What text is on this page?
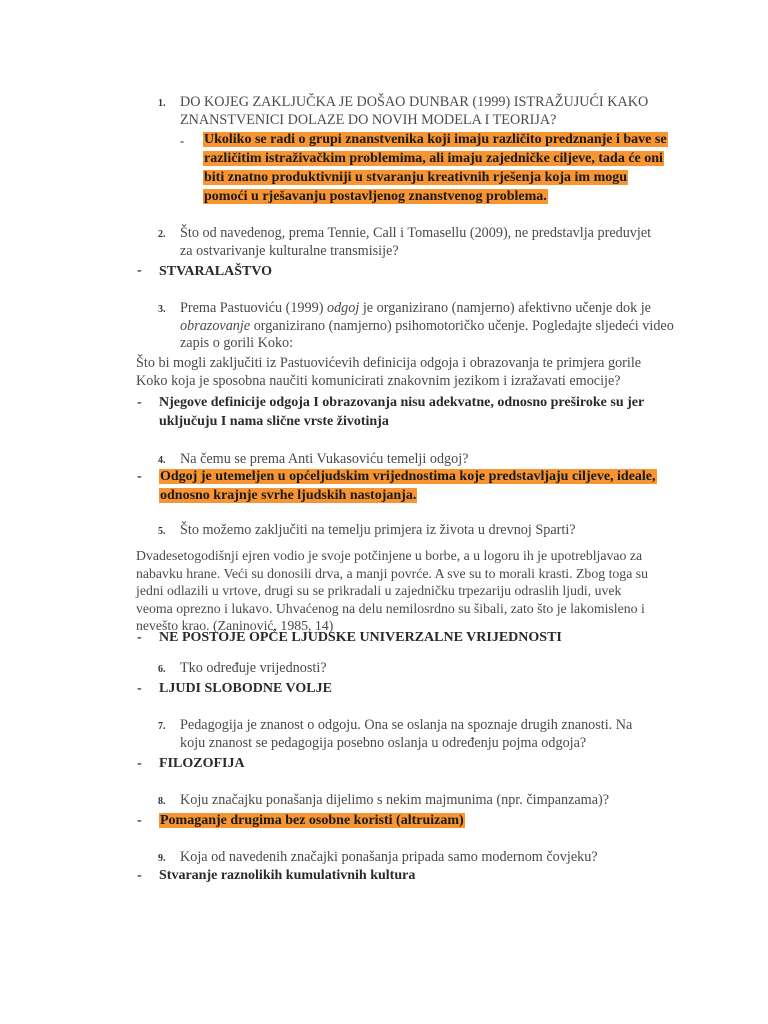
1. DO KOJEG ZAKLJUČKA JE DOŠAO DUNBAR (1999) ISTRAŽUJUĆI KAKO ZNANSTVENICI DOLAZE DO NOVIH MODELA I TEORIJA?
- Ukoliko se radi o grupi znanstvenika koji imaju različito predznanje i bave se različitim istraživačkim problemima, ali imaju zajedničke ciljeve, tada će oni biti znatno produktivniji u stvaranju kreativnih rješenja koja im mogu pomoći u rješavanju postavljenog znanstvenog problema.
2. Što od navedenog, prema Tennie, Call i Tomasellu (2009), ne predstavlja preduvjet za ostvarivanje kulturalne transmisije?
- STVARALAŠTVO
3. Prema Pastuoviću (1999) odgoj je organizirano (namjerno) afektivno učenje dok je obrazovanje organizirano (namjerno) psihomotoričko učenje. Pogledajte sljedeći video zapis o gorili Koko:
Što bi mogli zaključiti iz Pastuovićevih definicija odgoja i obrazovanja te primjera gorile Koko koja je sposobna naučiti komunicirati znakovnim jezikom i izražavati emocije?
- Njegove definicije odgoja I obrazovanja nisu adekvatne, odnosno preširoke su jer uključuju I nama slične vrste životinja
4. Na čemu se prema Anti Vukasoviću temelji odgoj?
- Odgoj je utemeljen u općeljudskim vrijednostima koje predstavljaju ciljeve, ideale, odnosno krajnje svrhe ljudskih nastojanja.
5. Što možemo zaključiti na temelju primjera iz života u drevnoj Sparti?
Dvadesetogodišnji ejren vodio je svoje potčinjene u borbe, a u logoru ih je upotrebljavao za nabavku hrane. Veći su donosili drva, a manji povrće. A sve su to morali krasti. Zbog toga su jedni odlazili u vrtove, drugi su se prikradali u zajedničku trpezariju odraslih ljudi, uvek veoma oprezno i lukavo. Uhvaćenog na delu nemilosrdno su šibali, zato što je lakomisleno i nevešto krao. (Zaninović, 1985, 14)
- NE POSTOJE OPĆE LJUDSKE UNIVERZALNE VRIJEDNOSTI
6. Tko određuje vrijednosti?
- LJUDI SLOBODNE VOLJE
7. Pedagogija je znanost o odgoju. Ona se oslanja na spoznaje drugih znanosti. Na koju znanost se pedagogija posebno oslanja u određenju pojma odgoja?
- FILOZOFIJA
8. Koju značajku ponašanja dijelimo s nekim majmunima (npr. čimpanzama)?
- Pomaganje drugima bez osobne koristi (altruizam)
9. Koja od navedenih značajki ponašanja pripada samo modernom čovjeku?
- Stvaranje raznolikih kumulativnih kultura
